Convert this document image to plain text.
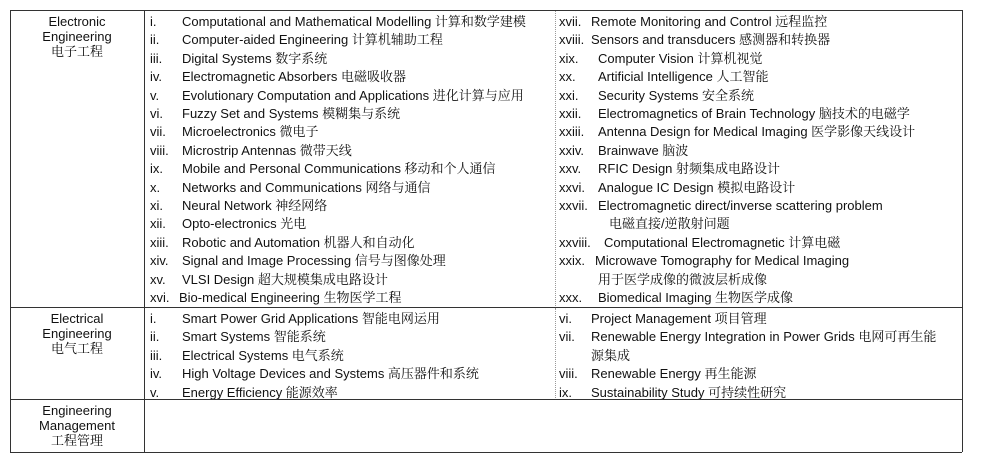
Electronic
Engineering
电子工程
i.	Computational and Mathematical Modelling 计算和数学建模
ii.	Computer-aided Engineering 计算机辅助工程
iii.	Digital Systems 数字系统
iv.	Electromagnetic Absorbers 电磁吸收器
v.	Evolutionary Computation and Applications 进化计算与应用
vi.	Fuzzy Set and Systems 模糊集与系统
vii.	Microelectronics 微电子
viii.	Microstrip Antennas 微带天线
ix.	Mobile and Personal Communications 移动和个人通信
x.	Networks and Communications 网络与通信
xi.	Neural Network 神经网络
xii.	Opto-electronics 光电
xiii.	Robotic and Automation 机器人和自动化
xiv.	Signal and Image Processing 信号与图像处理
xv.	VLSI Design 超大规模集成电路设计
xvi. Bio-medical Engineering 生物医学工程
xvii. Remote Monitoring and Control 远程监控
xviii. Sensors and transducers 感测器和转换器
xix.	Computer Vision 计算机视觉
xx.	Artificial Intelligence 人工智能
xxi.	Security Systems 安全系统
xxii.	Electromagnetics of Brain Technology 脑技术的电磁学
xxiii.	Antenna Design for Medical Imaging 医学影像天线设计
xxiv.	Brainwave 脑波
xxv.	RFIC Design 射频集成电路设计
xxvi.	Analogue IC Design 模拟电路设计
xxvii. Electromagnetic direct/inverse scattering problem
电磁直接/逆散射问题
xxviii.	Computational Electromagnetic 计算电磁
xxix. Microwave Tomography for Medical Imaging
用于医学成像的微波层析成像
xxx.	Biomedical Imaging 生物医学成像
Electrical
Engineering
电气工程
i.	Smart Power Grid Applications 智能电网运用
ii.	Smart Systems 智能系统
iii.	Electrical Systems 电气系统
iv.	High Voltage Devices and Systems 高压器件和系统
v.	Energy Efficiency 能源效率
vi.	Project Management 项目管理
vii.	Renewable Energy Integration in Power Grids 电网可再生能
源集成
viii.	Renewable Energy 再生能源
ix.	Sustainability Study 可持续性研究
Engineering
Management
工程管理
